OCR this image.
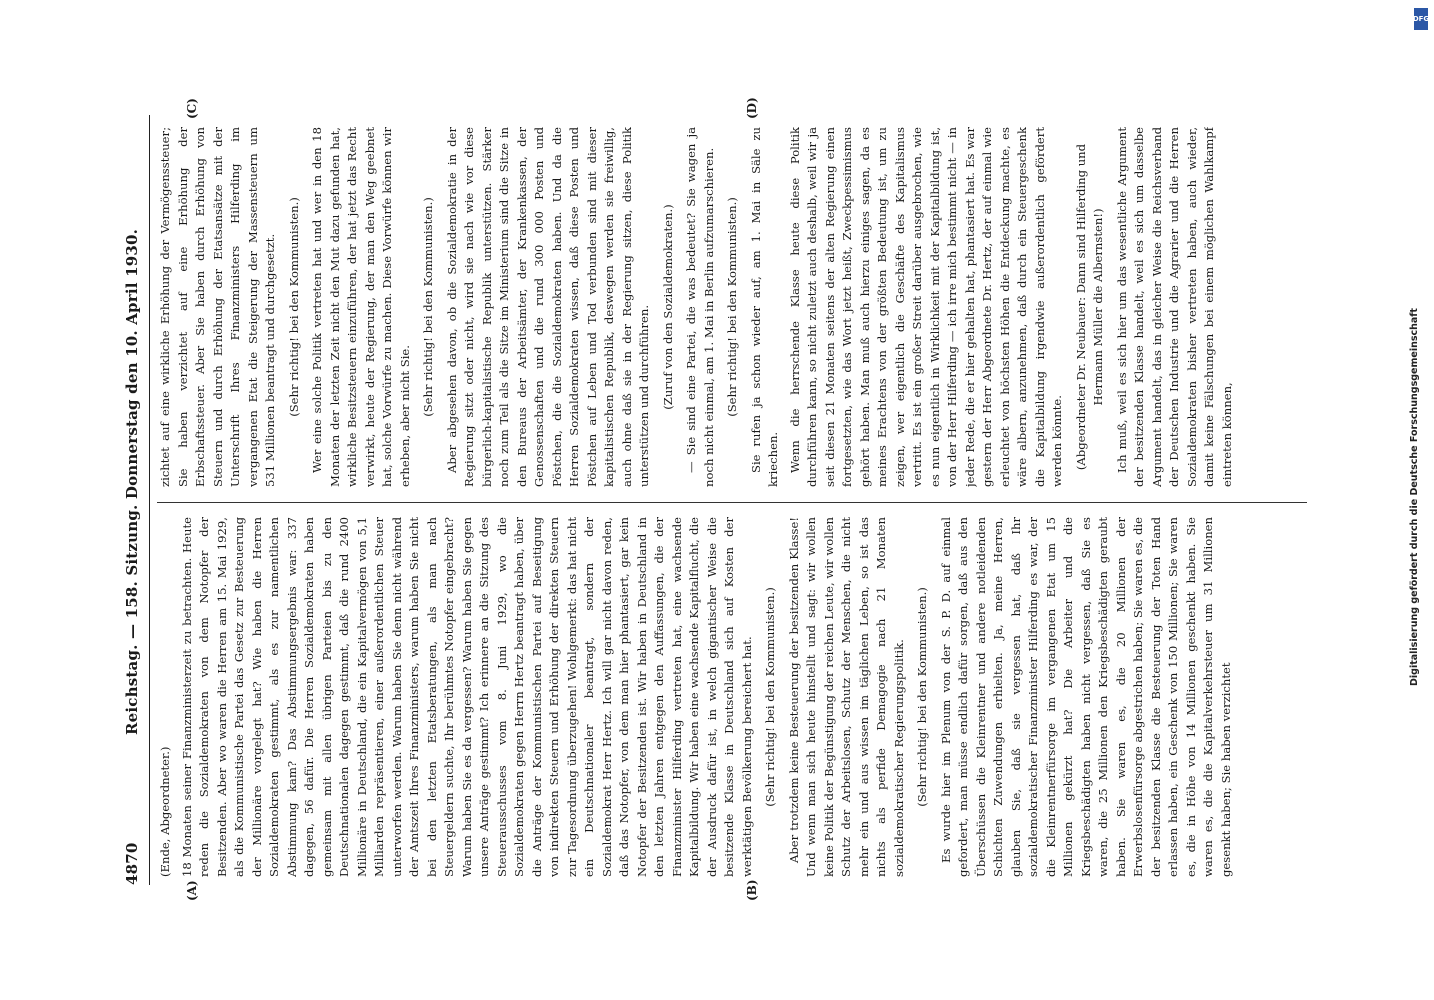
4870
Reichstag. — 158. Sitzung. Donnerstag den 10. April 1930.
(A)	(B)
(C)	(D)

(Ende, Abgeordneter.) 18 Monaten seiner Finanzministerzeit zu betrachten. Heute reden die Sozialdemokraten von dem Notopfer der Besitzenden. Aber wo waren die Herren am 15. Mai 1929, als die Kommunistische Partei das Gesetz zur Besteuerung der Millionäre vorgelegt hat? Wie haben die Herren Sozialdemokraten gestimmt, als es zur namentlichen Abstimmung kam? Das Abstimmungsergebnis war: 337 dagegen, 56 dafür. Die Herren Sozialdemokraten haben gemeinsam mit allen übrigen Parteien bis zu den Deutschnationalen dagegen gestimmt, daß die rund 2400 Millionäre in Deutschland, die ein Kapitalvermögen von 5,1 Milliarden repräsentieren, einer außerordentlichen Steuer unterworfen werden. Warum haben Sie denn nicht während der Amtszeit Ihres Finanzministers, warum haben Sie nicht bei den letzten Etatsberatungen, als man nach Steuergeldern suchte, Ihr berühmtes Notopfer eingebracht? Warum haben Sie es da vergessen? Warum haben Sie gegen unsere Anträge gestimmt? Ich erinnere an die Sitzung des Steuerausschusses vom 8. Juni 1929, wo die Sozialdemokraten gegen Herrn Hertz beantragt haben, über die Anträge der Kommunistischen Partei auf Beseitigung von indirekten Steuern und Erhöhung der direkten Steuern zur Tagesordnung überzugehen! Wohlgemerkt: das hat nicht ein Deutschnationaler beantragt, sondern der Sozialdemokrat Herr Hertz. Ich will gar nicht davon reden, daß das Notopfer, von dem man hier phantasiert, gar kein Notopfer der Besitzenden ist. Wir haben in Deutschland in den letzten Jahren entgegen den Auffassungen, die der Finanzminister Hilferding vertreten hat, eine wachsende Kapitalbildung. Wir haben eine wachsende Kapitalflucht, die der Ausdruck dafür ist, in welch gigantischer Weise die besitzende Klasse in Deutschland sich auf Kosten der werktätigen Bevölkerung bereichert hat. (Sehr richtig! bei den Kommunisten.) Aber trotzdem keine Besteuerung der besitzenden Klasse! Und wenn man sich heute hinstellt und sagt: wir wollen keine Politik der Begünstigung der reichen Leute, wir wollen Schutz der Arbeitslosen, Schutz der Menschen, die nicht mehr ein und aus wissen im täglichen Leben, so ist das nichts als perfide Demagogie nach 21 Monaten sozialdemokratischer Regierungspolitik. (Sehr richtig! bei den Kommunisten.) Es wurde hier im Plenum von der S. P. D. auf einmal gefordert, man müsse endlich dafür sorgen, daß aus den Überschüssen die Kleinrentner und andere notleidenden Schichten Zuwendungen erhielten. Ja, meine Herren, glauben Sie, daß sie vergessen hat, daß Ihr sozialdemokratischer Finanzminister Hilferding es war, der die Kleinrentnerfürsorge im vergangenen Etat um 15 Millionen gekürzt hat? Die Arbeiter und die Kriegsbeschädigten haben nicht vergessen, daß Sie es waren, die 25 Millionen den Kriegsbeschädigten geraubt haben. Sie waren es, die 20 Millionen der Erwerbslosenfürsorge abgestrichen haben; Sie waren es, die der besitzenden Klasse die Besteuerung der Toten Hand erlassen haben, ein Geschenk von 150 Millionen; Sie waren es, die in Höhe von 14 Millionen geschenkt haben. Sie waren es, die die Kapitalverkehrsteuer um 31 Millionen gesenkt haben; Sie haben verzichtet

zichtet auf eine wirkliche Erhöhung der Vermögenssteuer; Sie haben verzichtet auf eine Erhöhung der Erbschaftssteuer. Aber Sie haben durch Erhöhung von Steuern und durch Erhöhung der Etatsansätze mit der Unterschrift Ihres Finanzministers Hilferding im vergangenen Etat die Steigerung der Massensteuern um 531 Millionen beantragt und durchgesetzt. (Sehr richtig! bei den Kommunisten.) Wer eine solche Politik vertreten hat und wer in den 18 Monaten der letzten Zeit nicht den Mut dazu gefunden hat, wirkliche Besitzsteuern einzuführen, der hat jetzt das Recht verwirkt, heute der Regierung, der man den Weg geebnet hat, solche Vorwürfe zu machen. Diese Vorwürfe können wir erheben, aber nicht Sie. (Sehr richtig! bei den Kommunisten.) Aber abgesehen davon, ob die Sozialdemokratie in der Regierung sitzt oder nicht, wird sie nach wie vor diese bürgerlich-kapitalistische Republik unterstützen. Stärker noch zum Teil als die Sitze im Ministerium sind die Sitze in den Bureaus der Arbeitsämter, der Krankenkassen, der Genossenschaften und die rund 300 000 Posten und Pöstchen, die die Sozialdemokraten haben. Und da die Herren Sozialdemokraten wissen, daß diese Posten und Pöstchen auf Leben und Tod verbunden sind mit dieser kapitalistischen Republik, deswegen werden sie freiwillig, auch ohne daß sie in der Regierung sitzen, diese Politik unterstützen und durchführen. (Zuruf von den Sozialdemokraten.) — Sie sind eine Partei, die was bedeutet? Sie wagen ja noch nicht einmal, am 1. Mai in Berlin aufzumarschieren. (Sehr richtig! bei den Kommunisten.) Sie rufen ja schon wieder auf, am 1. Mai in Säle zu kriechen. Wenn die herrschende Klasse heute diese Politik durchführen kann, so nicht zuletzt auch deshalb, weil wir ja seit diesen 21 Monaten seitens der alten Regierung einen fortgesetzten, wie das Wort jetzt heißt, Zweckpessimismus gehört haben. Man muß auch hierzu einiges sagen, da es meines Erachtens von der größten Bedeutung ist, um zu zeigen, wer eigentlich die Geschäfte des Kapitalismus vertritt. Es ist ein großer Streit darüber ausgebrochen, wie es nun eigentlich in Wirklichkeit mit der Kapitalbildung ist, von der Herr Hilferding — ich irre mich bestimmt nicht — in jeder Rede, die er hier gehalten hat, phantasiert hat. Es war gestern der Herr Abgeordnete Dr. Hertz, der auf einmal wie erleuchtet von höchsten Höhen die Entdeckung machte, es wäre albern, anzunehmen, daß durch ein Steuergeschenk die Kapitalbildung irgendwie außerordentlich gefördert werden könnte. (Abgeordneter Dr. Neubauer: Dann sind Hilferding und Hermann Müller die Albernsten!) Ich muß, weil es sich hier um das wesentliche Argument der besitzenden Klasse handelt, weil es sich um dasselbe Argument handelt, das in gleicher Weise die Reichsverband der Deutschen Industrie und die Agrarier und die Herren Sozialdemokraten bisher vertreten haben, auch wieder, damit keine Fälschungen bei einem möglichen Wahlkampf eintreten können,	Digitalisierung gefördert durch die Deutsche Forschungsgemeinschaft
DFG
